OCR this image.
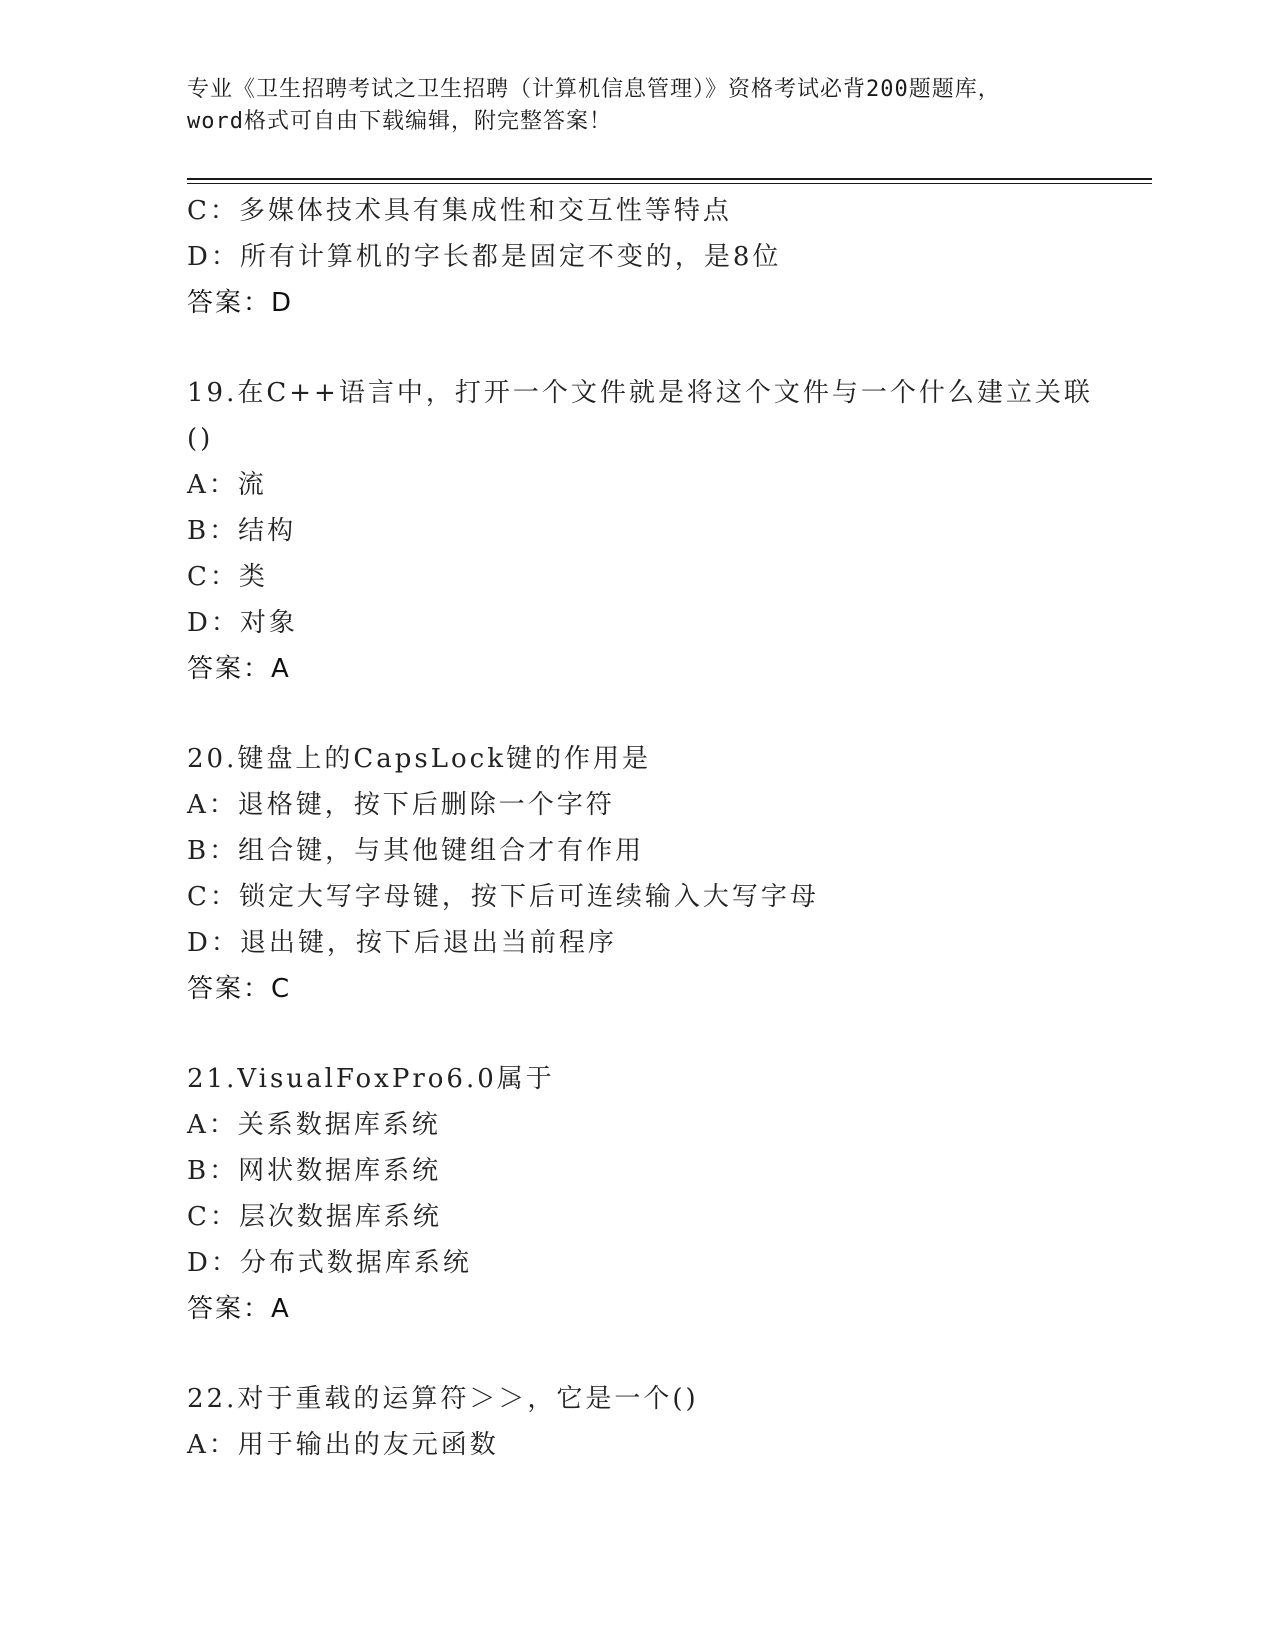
专业《卫生招聘考试之卫生招聘（计算机信息管理）》资格考试必背200题题库，
word格式可自由下载编辑，附完整答案！
C：多媒体技术具有集成性和交互性等特点
D：所有计算机的字长都是固定不变的，是8位
答案：D
19.在C++语言中，打开一个文件就是将这个文件与一个什么建立关联
()
A：流
B：结构
C：类
D：对象
答案：A
20.键盘上的CapsLock键的作用是
A：退格键，按下后删除一个字符
B：组合键，与其他键组合才有作用
C：锁定大写字母键，按下后可连续输入大写字母
D：退出键，按下后退出当前程序
答案：C
21.VisualFoxPro6.0属于
A：关系数据库系统
B：网状数据库系统
C：层次数据库系统
D：分布式数据库系统
答案：A
22.对于重载的运算符＞＞，它是一个()
A：用于输出的友元函数
